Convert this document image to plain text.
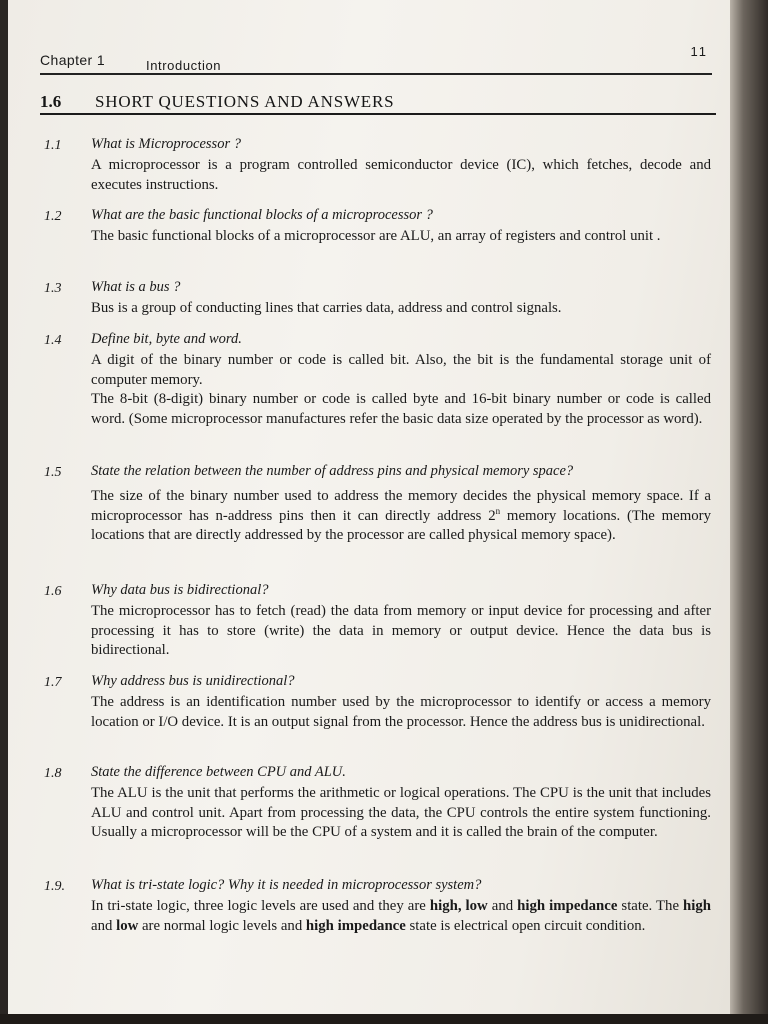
Chapter 1	Introduction
11
1.6 SHORT QUESTIONS AND ANSWERS
1.1 What is Microprocessor ?

A microprocessor is a program controlled semiconductor device (IC), which fetches, decode and executes instructions.

1.2 What are the basic functional blocks of a microprocessor ?

The basic functional blocks of a microprocessor are ALU, an array of registers and control unit .

1.3 What is a bus ?

Bus is a group of conducting lines that carries data, address and control signals.

1.4 Define bit, byte and word.

A digit of the binary number or code is called bit. Also, the bit is the fundamental storage unit of computer memory.

The 8-bit (8-digit) binary number or code is called byte and 16-bit binary number or code is called word. (Some microprocessor manufactures refer the basic data size operated by the processor as word).

1.5 State the relation between the number of address pins and physical memory space?

The size of the binary number used to address the memory decides the physical memory space. If a microprocessor has n-address pins then it can directly address 2$^n$ memory locations. (The memory locations that are directly addressed by the processor are called physical memory space).

1.6 Why data bus is bidirectional?

The microprocessor has to fetch (read) the data from memory or input device for processing and after processing it has to store (write) the data in memory or output device. Hence the data bus is bidirectional.

1.7 Why address bus is unidirectional?

The address is an identification number used by the microprocessor to identify or access a memory location or I/O device. It is an output signal from the processor. Hence the address bus is unidirectional.

1.8 State the difference between CPU and ALU.

The ALU is the unit that performs the arithmetic or logical operations. The CPU is the unit that includes ALU and control unit. Apart from processing the data, the CPU controls the entire system functioning. Usually a microprocessor will be the CPU of a system and it is called the brain of the computer.

1.9. What is tri-state logic? Why it is needed in microprocessor system?

In tri-state logic, three logic levels are used and they are high, low and high impedance state. The high and low are normal logic levels and high impedance state is electrical open circuit condition.
